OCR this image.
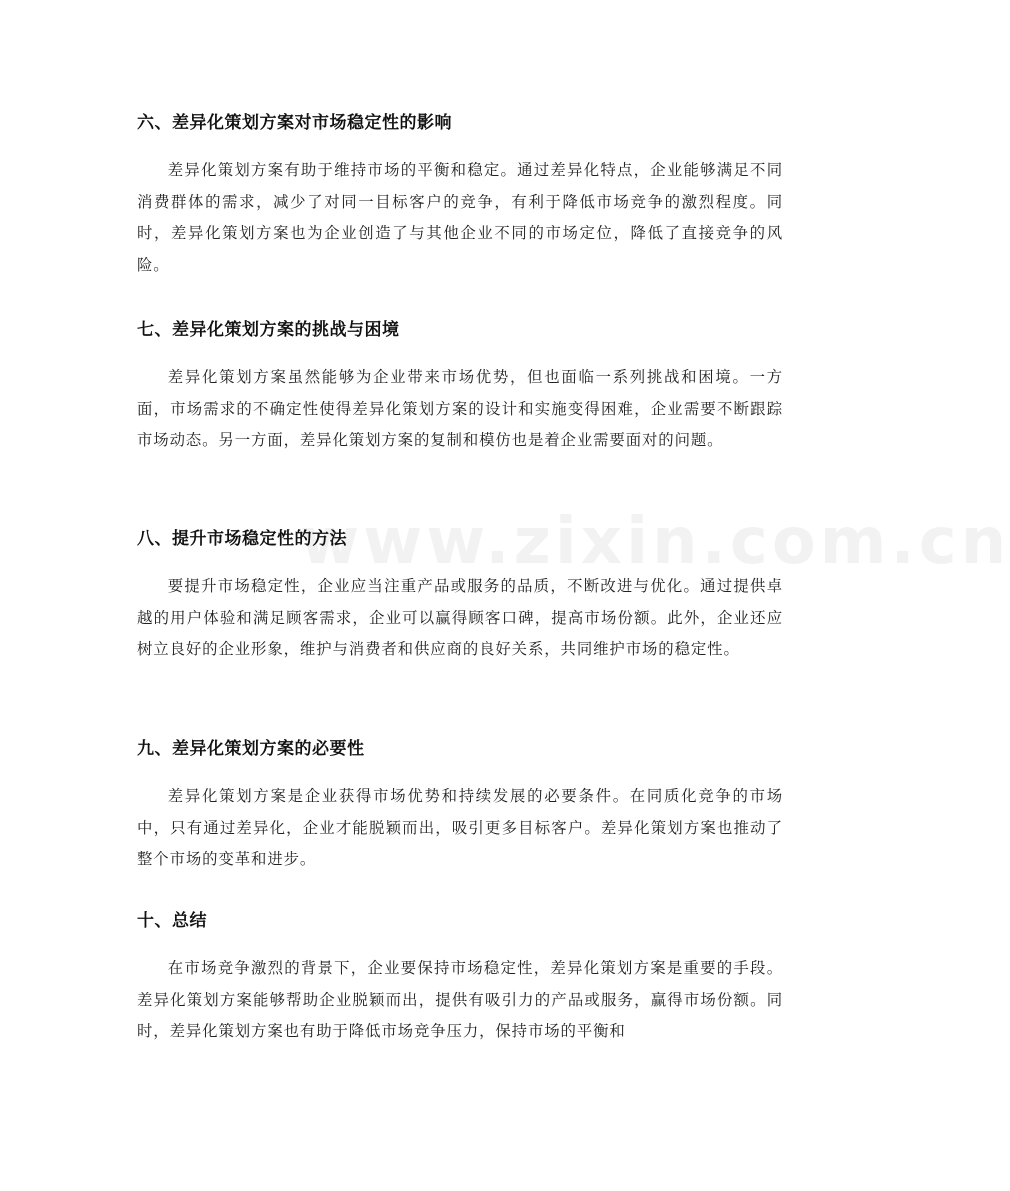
www.zixin.com.cn
六、差异化策划方案对市场稳定性的影响

差异化策划方案有助于维持市场的平衡和稳定。通过差异化特点，企业能够满足不同消费群体的需求，减少了对同一目标客户的竞争，有利于降低市场竞争的激烈程度。同时，差异化策划方案也为企业创造了与其他企业不同的市场定位，降低了直接竞争的风险。

七、差异化策划方案的挑战与困境

差异化策划方案虽然能够为企业带来市场优势，但也面临一系列挑战和困境。一方面，市场需求的不确定性使得差异化策划方案的设计和实施变得困难，企业需要不断跟踪市场动态。另一方面，差异化策划方案的复制和模仿也是着企业需要面对的问题。

八、提升市场稳定性的方法

要提升市场稳定性，企业应当注重产品或服务的品质，不断改进与优化。通过提供卓越的用户体验和满足顾客需求，企业可以赢得顾客口碑，提高市场份额。此外，企业还应树立良好的企业形象，维护与消费者和供应商的良好关系，共同维护市场的稳定性。

九、差异化策划方案的必要性

差异化策划方案是企业获得市场优势和持续发展的必要条件。在同质化竞争的市场中，只有通过差异化，企业才能脱颖而出，吸引更多目标客户。差异化策划方案也推动了整个市场的变革和进步。

十、总结

在市场竞争激烈的背景下，企业要保持市场稳定性，差异化策划方案是重要的手段。差异化策划方案能够帮助企业脱颖而出，提供有吸引力的产品或服务，赢得市场份额。同时，差异化策划方案也有助于降低市场竞争压力，保持市场的平衡和
